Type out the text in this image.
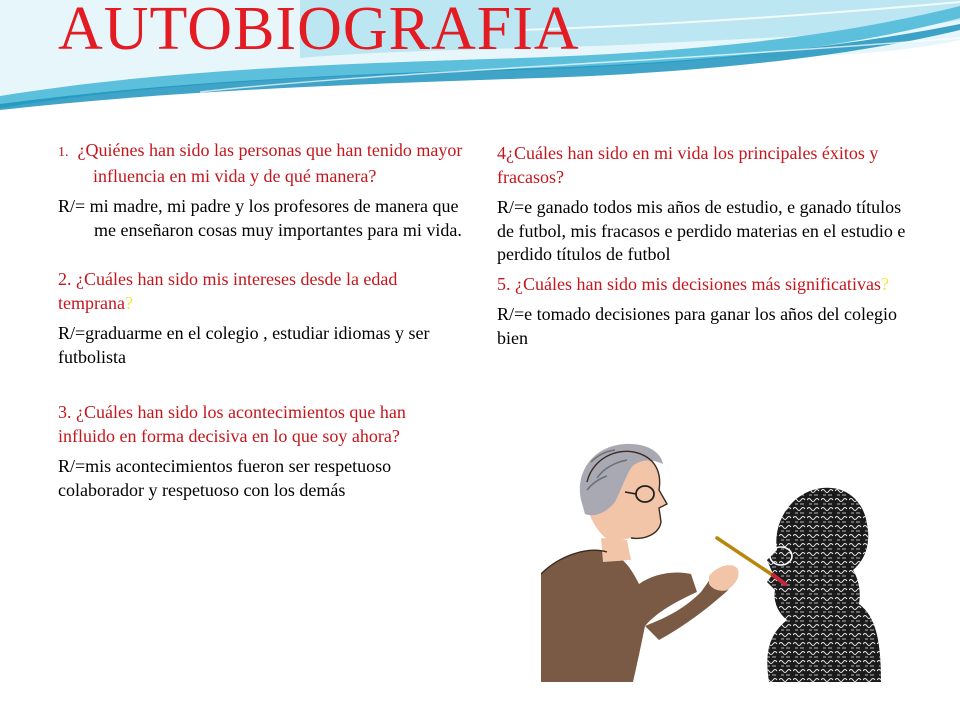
AUTOBIOGRAFIA

1. ¿Quiénes han sido las personas que han tenido mayor influencia en mi vida y de qué manera?

R/= mi madre, mi padre y los profesores de manera que me enseñaron cosas muy importantes para mi vida.

2. ¿Cuáles han sido mis intereses desde la edad temprana?

R/=graduarme en el colegio , estudiar idiomas y ser futbolista

3. ¿Cuáles han sido los acontecimientos que han influido en forma decisiva en lo que soy ahora?

R/=mis acontecimientos fueron ser respetuoso colaborador y respetuoso con los demás

4¿Cuáles han sido en mi vida los principales éxitos y fracasos?

R/=e ganado todos mis años de estudio, e ganado títulos de futbol, mis fracasos e perdido materias en el estudio e perdido títulos de futbol

5. ¿Cuáles han sido mis decisiones más significativas?

R/=e tomado decisiones para ganar los años del colegio bien
